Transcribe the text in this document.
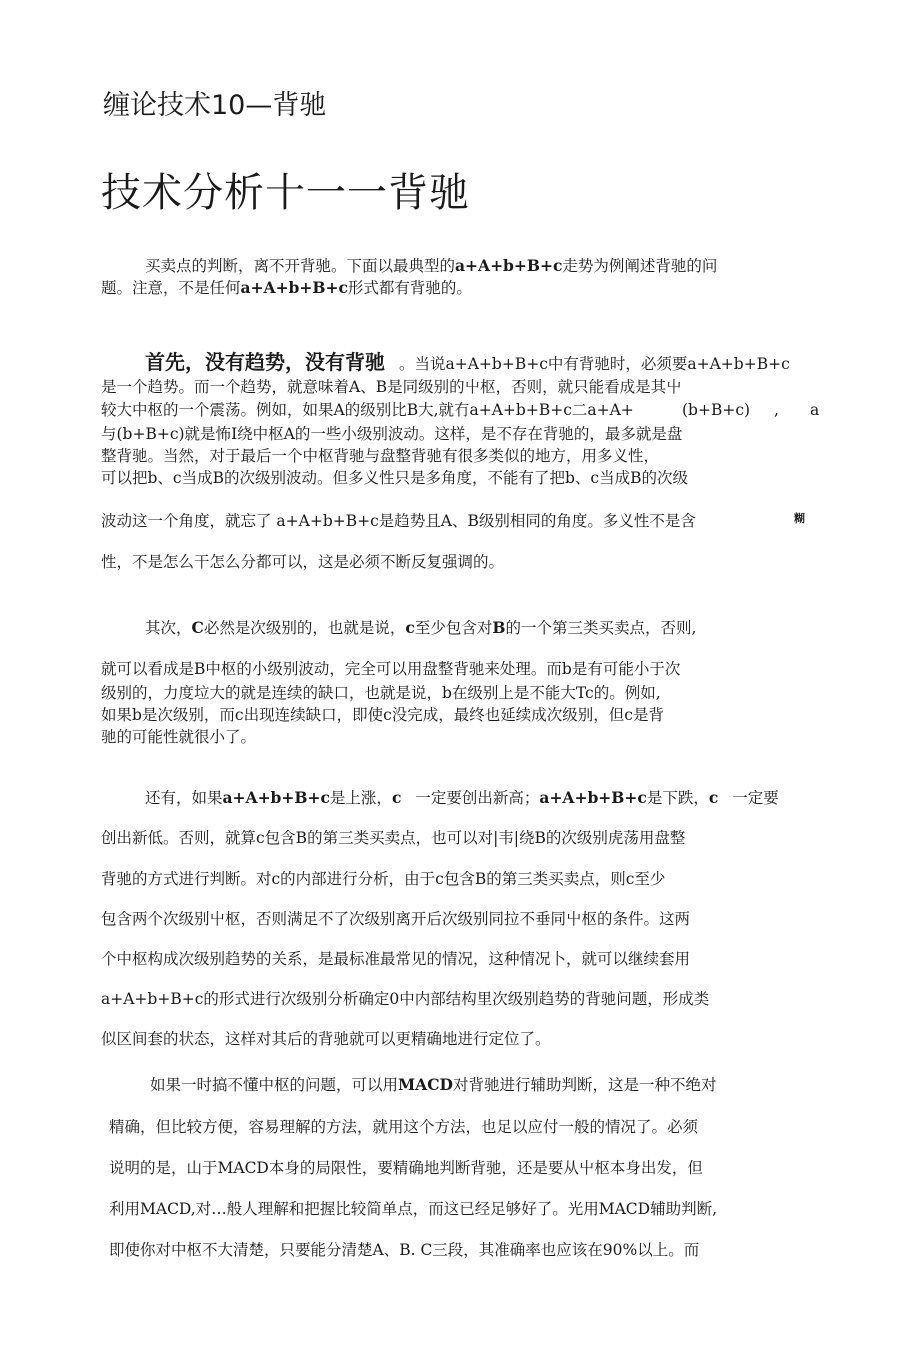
缠论技术10—背驰
技术分析十一一背驰
买卖点的判断，离不开背驰。下面以最典型的a+A+b+B+c走势为例阐述背驰的问
题。注意，不是任何a+A+b+B+c形式都有背驰的。
首先，没有趋势，没有背驰 。当说a+A+b+B+c中有背驰时，必须要a+A+b+B+c
是一个趋势。而一个趋势，就意味着A、B是同级别的屮枢，否则，就只能看成是其屮
较大中枢的一个震荡。例如，如果A的级别比B大,就冇a+A+b+B+c二a+A+	(b+B+c) , a
与(b+B+c)就是怖I绕中枢A的一些小级别波动。这样，是不存在背驰的，最多就是盘
整背驰。当然，对于最后一个中枢背驰与盘整背驰有很多类似的地方，用多义性，
可以把b、c当成B的次级别波动。但多义性只是多角度，不能有了把b、c当成B的次级
波动这一个角度，就忘了 a+A+b+B+c是趋势且A、B级别相同的角度。多义性不是含	糊
性，不是怎么干怎么分都可以，这是必须不断反复强调的。
其次，C必然是次级别的，也就是说，c至少包含对B的一个第三类买卖点，否则,
就可以看成是B中枢的小级别波动，完全可以用盘整背驰来处理。而b是有可能小于次
级别的，力度垃大的就是连续的缺口，也就是说，b在级别上是不能大Tc的。例如,
如果b是次级别，而c出现连续缺口，即使c没完成，最终也延续成次级别，但c是背
驰的可能性就很小了。
还有，如果a+A+b+B+c是上涨，c 一定要创出新高；a+A+b+B+c是下跌，c 一定要
创出新低。否则，就算c包含B的第三类买卖点，也可以对|韦|绕B的次级别虎荡用盘整
背驰的方式进行判断。对c的内部进行分析，由于c包含B的第三类买卖点，则c至少
包含两个次级别屮枢，否则满足不了次级别离开后次级别同拉不垂同屮枢的条件。这两
个中枢构成次级别趋势的关系，是最标准最常见的情况，这种情况卜，就可以继续套用
a+A+b+B+c的形式进行次级别分析确定0中内部结构里次级别趋势的背驰问题，形成类
似区间套的状态，这样对其后的背驰就可以更精确地进行定位了。
如果一时搞不懂中枢的问题，可以用MACD对背驰进行辅助判断，这是一种不绝对
精确，但比较方便，容易理解的方法，就用这个方法，也足以应付一般的情况了。必须
说明的是，山于MACD本身的局限性，要精确地判断背驰，还是要从屮枢本身出发，但
利用MACD,对…般人理解和把握比较简单点，而这已经足够好了。光用MACD辅助判断,
即使你对中枢不大清楚，只要能分清楚A、B. C三段，其准确率也应该在90%以上。而
